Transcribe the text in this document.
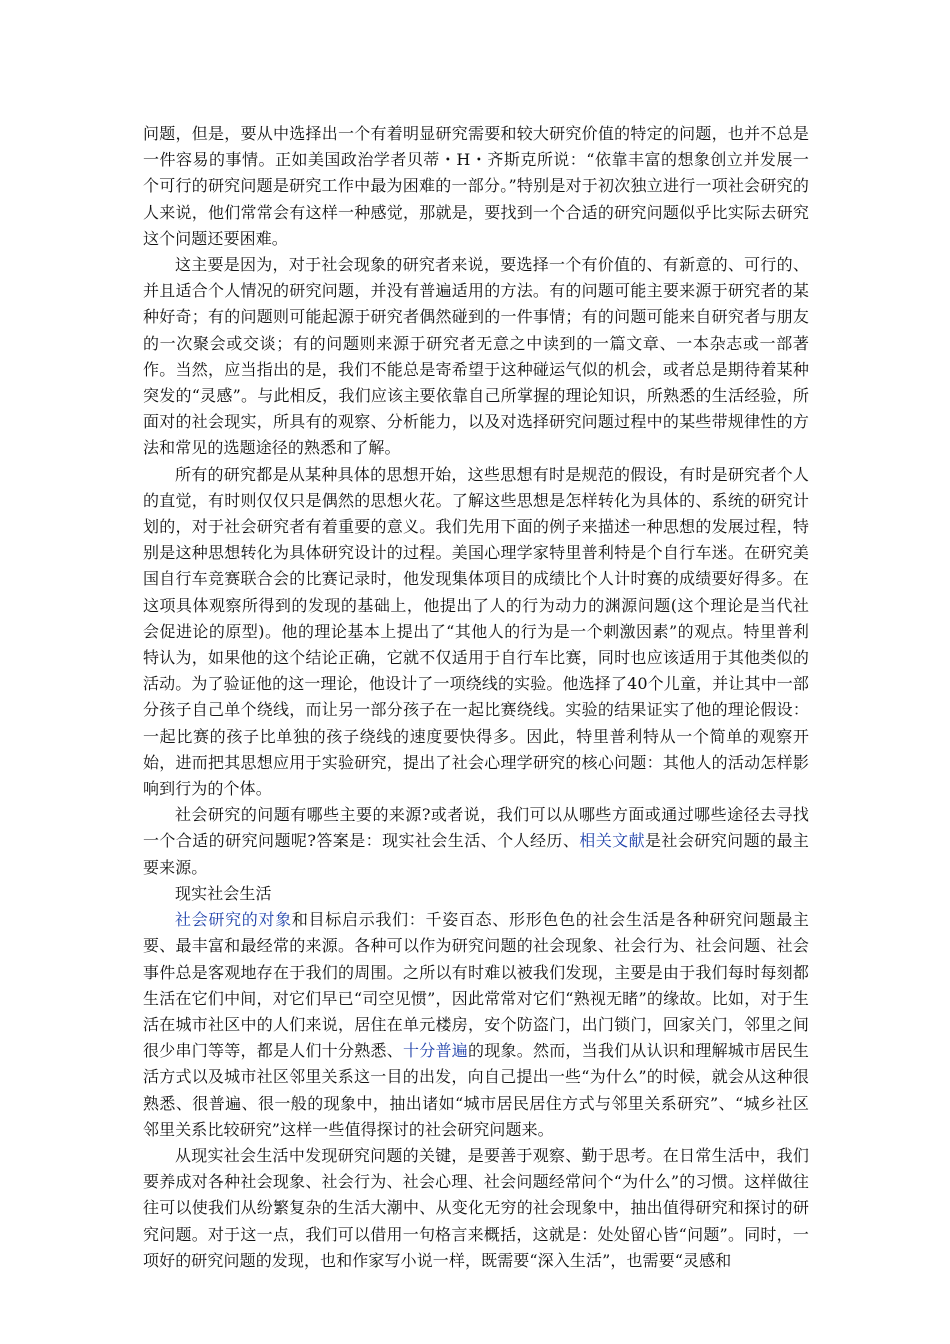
问题，但是，要从中选择出一个有着明显研究需要和较大研究价值的特定的问题，也并不总是一件容易的事情。正如美国政治学者贝蒂・H・齐斯克所说：“依靠丰富的想象创立并发展一个可行的研究问题是研究工作中最为困难的一部分。”特别是对于初次独立进行一项社会研究的人来说，他们常常会有这样一种感觉，那就是，要找到一个合适的研究问题似乎比实际去研究这个问题还要困难。

这主要是因为，对于社会现象的研究者来说，要选择一个有价值的、有新意的、可行的、并且适合个人情况的研究问题，并没有普遍适用的方法。有的问题可能主要来源于研究者的某种好奇；有的问题则可能起源于研究者偶然碰到的一件事情；有的问题可能来自研究者与朋友的一次聚会或交谈；有的问题则来源于研究者无意之中读到的一篇文章、一本杂志或一部著作。当然，应当指出的是，我们不能总是寄希望于这种碰运气似的机会，或者总是期待着某种突发的“灵感”。与此相反，我们应该主要依靠自己所掌握的理论知识，所熟悉的生活经验，所面对的社会现实，所具有的观察、分析能力，以及对选择研究问题过程中的某些带规律性的方法和常见的选题途径的熟悉和了解。

所有的研究都是从某种具体的思想开始，这些思想有时是规范的假设，有时是研究者个人的直觉，有时则仅仅只是偶然的思想火花。了解这些思想是怎样转化为具体的、系统的研究计划的，对于社会研究者有着重要的意义。我们先用下面的例子来描述一种思想的发展过程，特别是这种思想转化为具体研究设计的过程。美国心理学家特里普利特是个自行车迷。在研究美国自行车竞赛联合会的比赛记录时，他发现集体项目的成绩比个人计时赛的成绩要好得多。在这项具体观察所得到的发现的基础上，他提出了人的行为动力的渊源问题(这个理论是当代社会促进论的原型)。他的理论基本上提出了“其他人的行为是一个刺激因素”的观点。特里普利特认为，如果他的这个结论正确，它就不仅适用于自行车比赛，同时也应该适用于其他类似的活动。为了验证他的这一理论，他设计了一项绕线的实验。他选择了40个儿童，并让其中一部分孩子自己单个绕线，而让另一部分孩子在一起比赛绕线。实验的结果证实了他的理论假设：一起比赛的孩子比单独的孩子绕线的速度要快得多。因此，特里普利特从一个简单的观察开始，进而把其思想应用于实验研究，提出了社会心理学研究的核心问题：其他人的活动怎样影响到行为的个体。

社会研究的问题有哪些主要的来源?或者说，我们可以从哪些方面或通过哪些途径去寻找一个合适的研究问题呢?答案是：现实社会生活、个人经历、相关文献是社会研究问题的最主要来源。

现实社会生活

社会研究的对象和目标启示我们：千姿百态、形形色色的社会生活是各种研究问题最主要、最丰富和最经常的来源。各种可以作为研究问题的社会现象、社会行为、社会问题、社会事件总是客观地存在于我们的周围。之所以有时难以被我们发现，主要是由于我们每时每刻都生活在它们中间，对它们早已“司空见惯”，因此常常对它们“熟视无睹”的缘故。比如，对于生活在城市社区中的人们来说，居住在单元楼房，安个防盗门，出门锁门，回家关门，邻里之间很少串门等等，都是人们十分熟悉、十分普遍的现象。然而，当我们从认识和理解城市居民生活方式以及城市社区邻里关系这一目的出发，向自己提出一些“为什么”的时候，就会从这种很熟悉、很普遍、很一般的现象中，抽出诸如“城市居民居住方式与邻里关系研究”、“城乡社区邻里关系比较研究”这样一些值得探讨的社会研究问题来。

从现实社会生活中发现研究问题的关键，是要善于观察、勤于思考。在日常生活中，我们要养成对各种社会现象、社会行为、社会心理、社会问题经常问个“为什么”的习惯。这样做往往可以使我们从纷繁复杂的生活大潮中、从变化无穷的社会现象中，抽出值得研究和探讨的研究问题。对于这一点，我们可以借用一句格言来概括，这就是：处处留心皆“问题”。同时，一项好的研究问题的发现，也和作家写小说一样，既需要“深入生活”，也需要“灵感和
